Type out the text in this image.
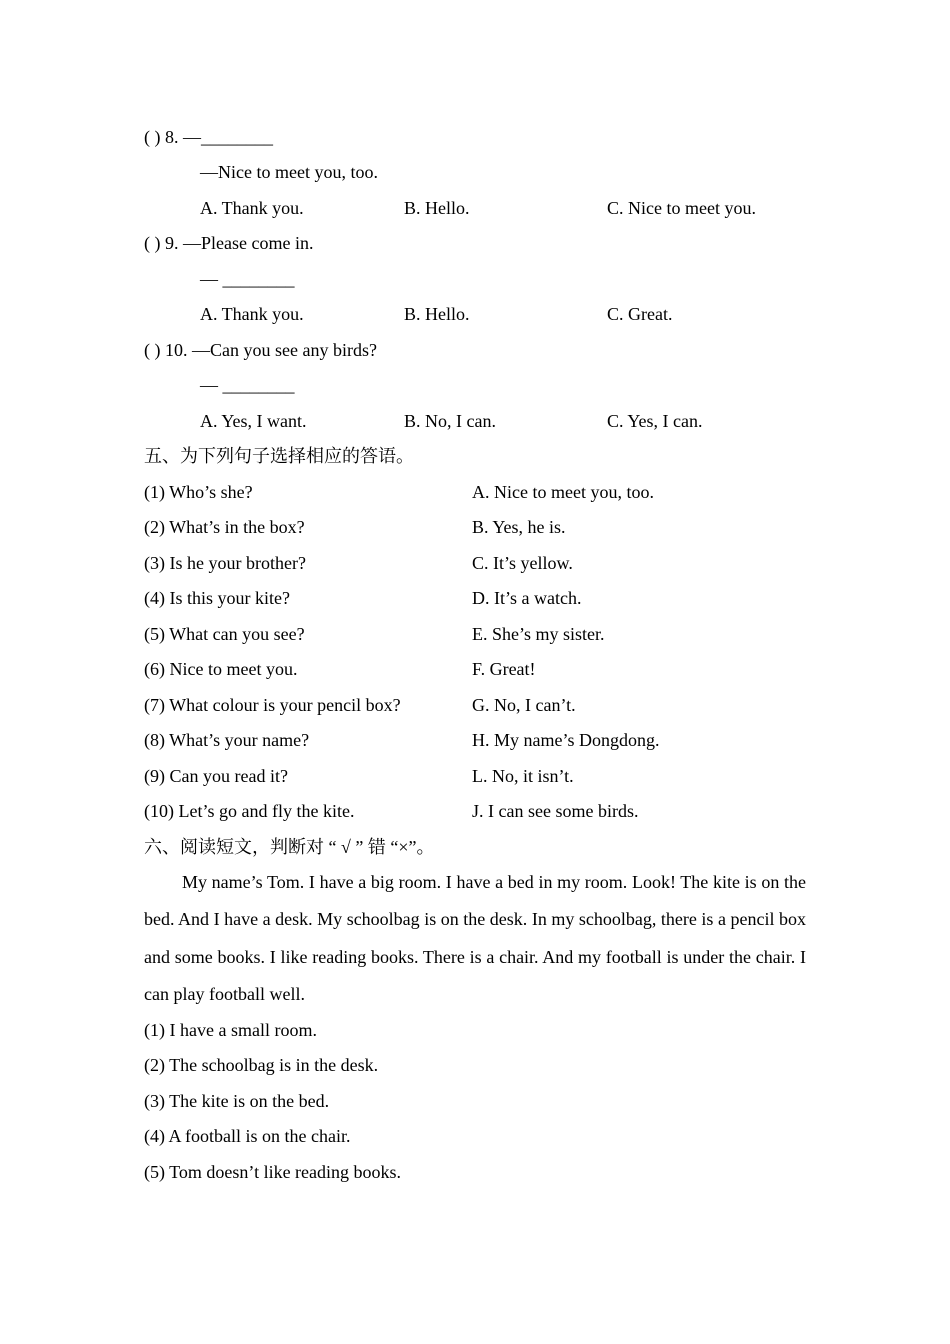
( ) 8. —________
—Nice to meet you, too.
A. Thank you.	B. Hello.	C. Nice to meet you.
( ) 9. —Please come in.
— ________
A. Thank you.	B. Hello.	C. Great.
( ) 10. —Can you see any birds?
— ________
A. Yes, I want.	B. No, I can.	C. Yes, I can.
五、为下列句子选择相应的答语。
(1) Who’s she?	A. Nice to meet you, too.
(2) What’s in the box?	B. Yes, he is.
(3) Is he your brother?	C. It’s yellow.
(4) Is this your kite?	D. It’s a watch.
(5) What can you see?	E. She’s my sister.
(6) Nice to meet you.	F. Great!
(7) What colour is your pencil box?	G. No, I can’t.
(8) What’s your name?	H. My name’s Dongdong.
(9) Can you read it?	L. No, it isn’t.
(10) Let’s go and fly the kite.	J. I can see some birds.
六、阅读短文，判断对 “ √ ” 错 “×”。
My name’s Tom. I have a big room. I have a bed in my room. Look! The kite is on the bed. And I have a desk. My schoolbag is on the desk. In my schoolbag, there is a pencil box and some books. I like reading books. There is a chair. And my football is under the chair. I can play football well.
(1) I have a small room.
(2) The schoolbag is in the desk.
(3) The kite is on the bed.
(4) A football is on the chair.
(5) Tom doesn’t like reading books.
